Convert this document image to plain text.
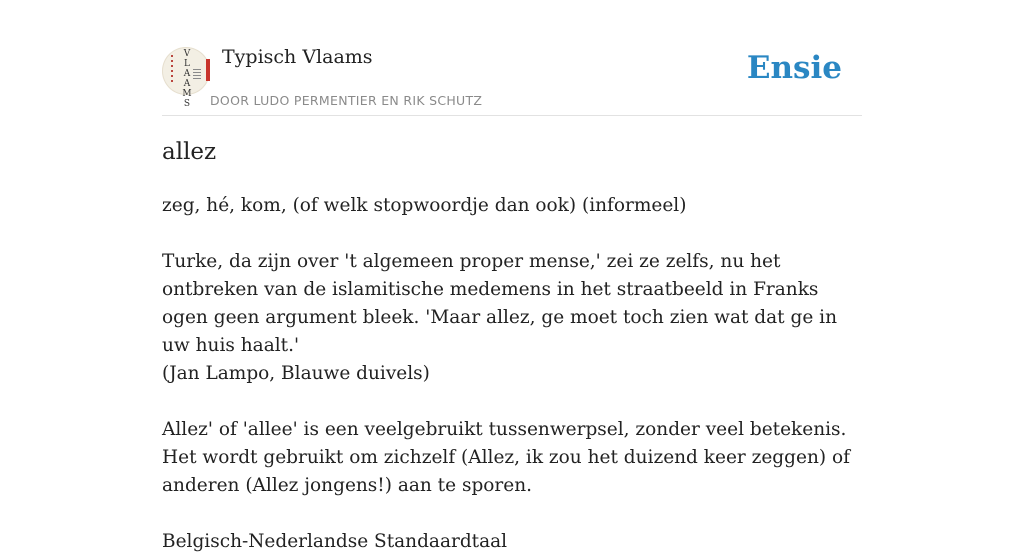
V
L
A
A
M
S
Typisch Vlaams
DOOR LUDO PERMENTIER EN RIK SCHUTZ
Ensie
allez

zeg, hé, kom, (of welk stopwoordje dan ook) (informeel)

Turke, da zijn over 't algemeen proper mense,' zei ze zelfs, nu het ontbreken van de islamitische medemens in het straatbeeld in Franks ogen geen argument bleek. 'Maar allez, ge moet toch zien wat dat ge in uw huis haalt.'

(Jan Lampo, Blauwe duivels)

Allez' of 'allee' is een veelgebruikt tussenwerpsel, zonder veel betekenis. Het wordt gebruikt om zichzelf (Allez, ik zou het duizend keer zeggen) of anderen (Allez jongens!) aan te sporen.

Belgisch-Nederlandse Standaardtaal
